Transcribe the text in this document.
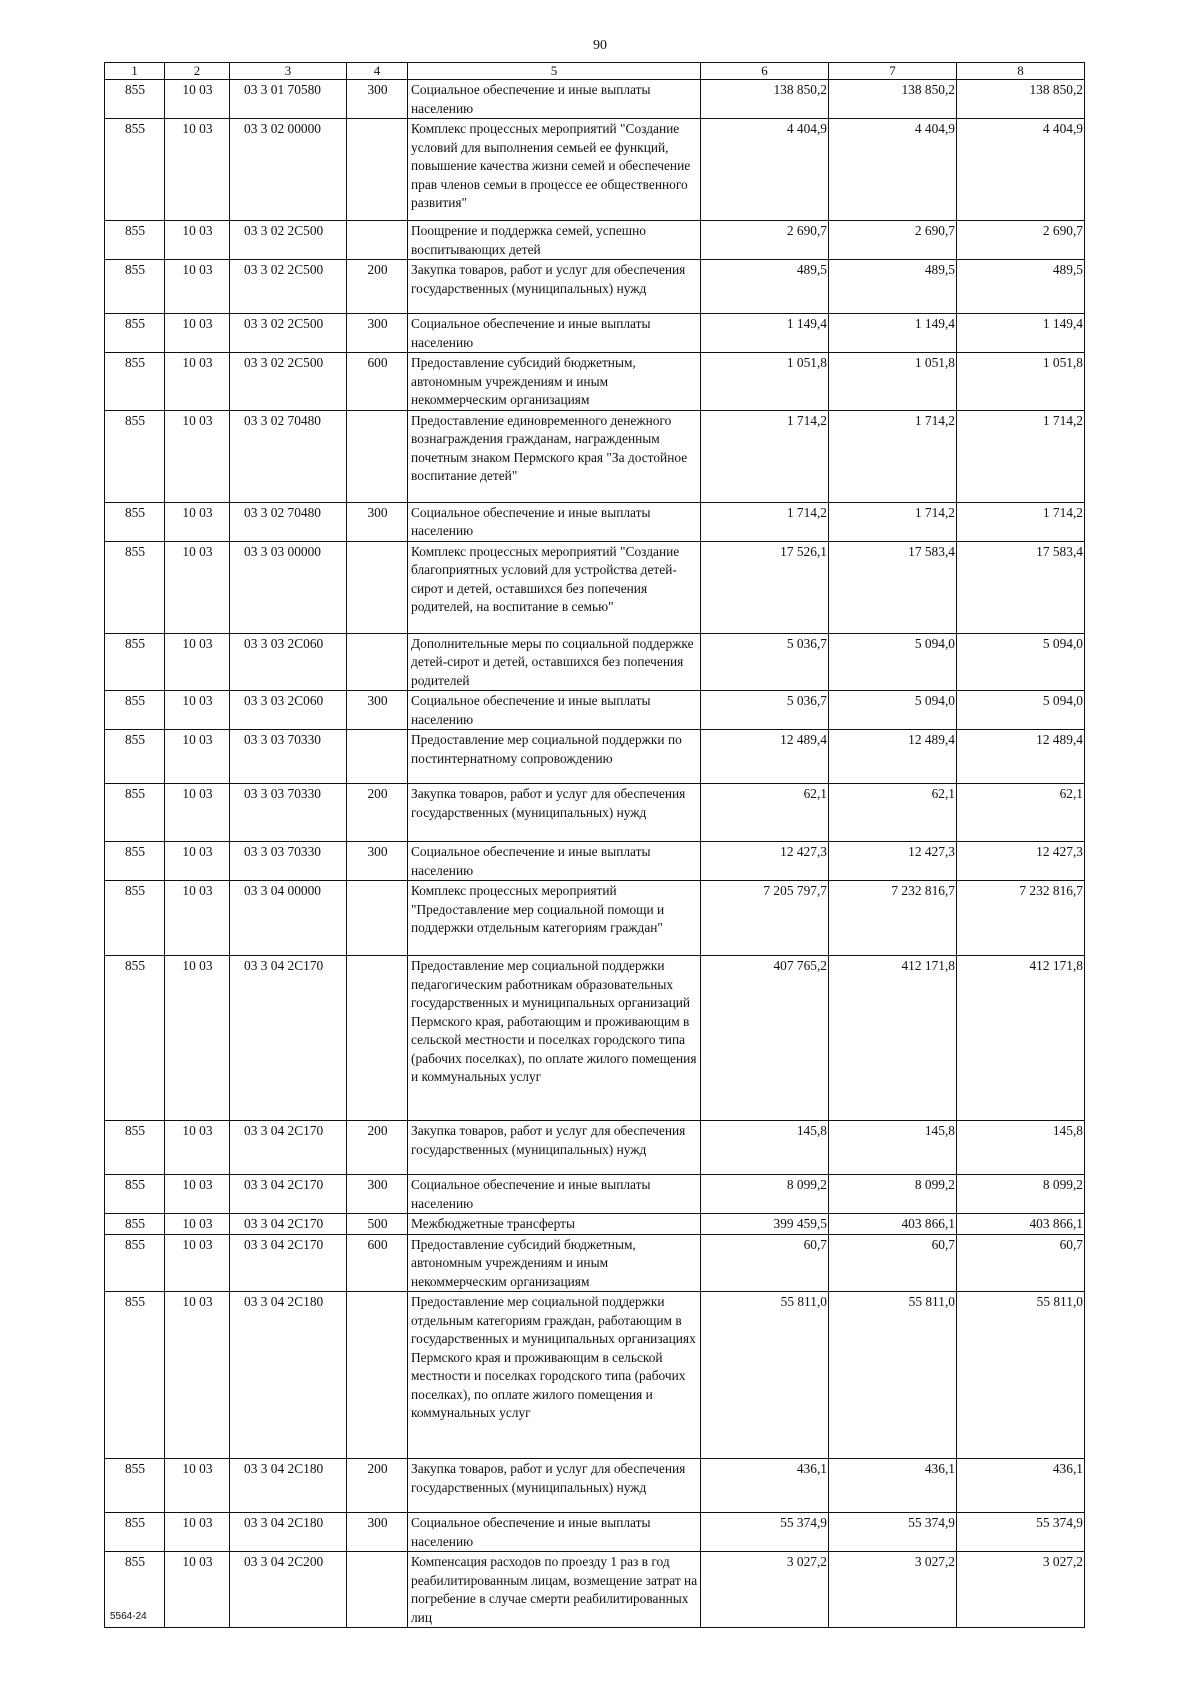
90
1	2	3	4	5	6	7	8
855	10 03	03 3 01 70580	300	Социальное обеспечение и иные выплаты населению	138 850,2	138 850,2	138 850,2
855	10 03	03 3 02 00000		Комплекс процессных мероприятий "Создание условий для выполнения семьей ее функций, повышение качества жизни семей и обеспечение прав членов семьи в процессе ее общественного развития"	4 404,9	4 404,9	4 404,9
855	10 03	03 3 02 2С500		Поощрение и поддержка семей, успешно воспитывающих детей	2 690,7	2 690,7	2 690,7
855	10 03	03 3 02 2С500	200	Закупка товаров, работ и услуг для обеспечения государственных (муниципальных) нужд	489,5	489,5	489,5
855	10 03	03 3 02 2С500	300	Социальное обеспечение и иные выплаты населению	1 149,4	1 149,4	1 149,4
855	10 03	03 3 02 2С500	600	Предоставление субсидий бюджетным, автономным учреждениям и иным некоммерческим организациям	1 051,8	1 051,8	1 051,8
855	10 03	03 3 02 70480		Предоставление единовременного денежного вознаграждения гражданам, награжденным почетным знаком Пермского края "За достойное воспитание детей"	1 714,2	1 714,2	1 714,2
855	10 03	03 3 02 70480	300	Социальное обеспечение и иные выплаты населению	1 714,2	1 714,2	1 714,2
855	10 03	03 3 03 00000		Комплекс процессных мероприятий "Создание благоприятных условий для устройства детей-сирот и детей, оставшихся без попечения родителей, на воспитание в семью"	17 526,1	17 583,4	17 583,4
855	10 03	03 3 03 2С060		Дополнительные меры по социальной поддержке детей-сирот и детей, оставшихся без попечения родителей	5 036,7	5 094,0	5 094,0
855	10 03	03 3 03 2С060	300	Социальное обеспечение и иные выплаты населению	5 036,7	5 094,0	5 094,0
855	10 03	03 3 03 70330		Предоставление мер социальной поддержки по постинтернатному сопровождению	12 489,4	12 489,4	12 489,4
855	10 03	03 3 03 70330	200	Закупка товаров, работ и услуг для обеспечения государственных (муниципальных) нужд	62,1	62,1	62,1
855	10 03	03 3 03 70330	300	Социальное обеспечение и иные выплаты населению	12 427,3	12 427,3	12 427,3
855	10 03	03 3 04 00000		Комплекс процессных мероприятий "Предоставление мер социальной помощи и поддержки отдельным категориям граждан"	7 205 797,7	7 232 816,7	7 232 816,7
855	10 03	03 3 04 2С170		Предоставление мер социальной поддержки педагогическим работникам образовательных государственных и муниципальных организаций Пермского края, работающим и проживающим в сельской местности и поселках городского типа (рабочих поселках), по оплате жилого помещения и коммунальных услуг	407 765,2	412 171,8	412 171,8
855	10 03	03 3 04 2С170	200	Закупка товаров, работ и услуг для обеспечения государственных (муниципальных) нужд	145,8	145,8	145,8
855	10 03	03 3 04 2С170	300	Социальное обеспечение и иные выплаты населению	8 099,2	8 099,2	8 099,2
855	10 03	03 3 04 2С170	500	Межбюджетные трансферты	399 459,5	403 866,1	403 866,1
855	10 03	03 3 04 2С170	600	Предоставление субсидий бюджетным, автономным учреждениям и иным некоммерческим организациям	60,7	60,7	60,7
855	10 03	03 3 04 2С180		Предоставление мер социальной поддержки отдельным категориям граждан, работающим в государственных и муниципальных организациях Пермского края и проживающим в сельской местности и поселках городского типа (рабочих поселках), по оплате жилого помещения и коммунальных услуг	55 811,0	55 811,0	55 811,0
855	10 03	03 3 04 2С180	200	Закупка товаров, работ и услуг для обеспечения государственных (муниципальных) нужд	436,1	436,1	436,1
855	10 03	03 3 04 2С180	300	Социальное обеспечение и иные выплаты населению	55 374,9	55 374,9	55 374,9
855	10 03	03 3 04 2С200		Компенсация расходов по проезду 1 раз в год реабилитированным лицам, возмещение затрат на погребение в случае смерти реабилитированных лиц	3 027,2	3 027,2	3 027,2
5564-24
